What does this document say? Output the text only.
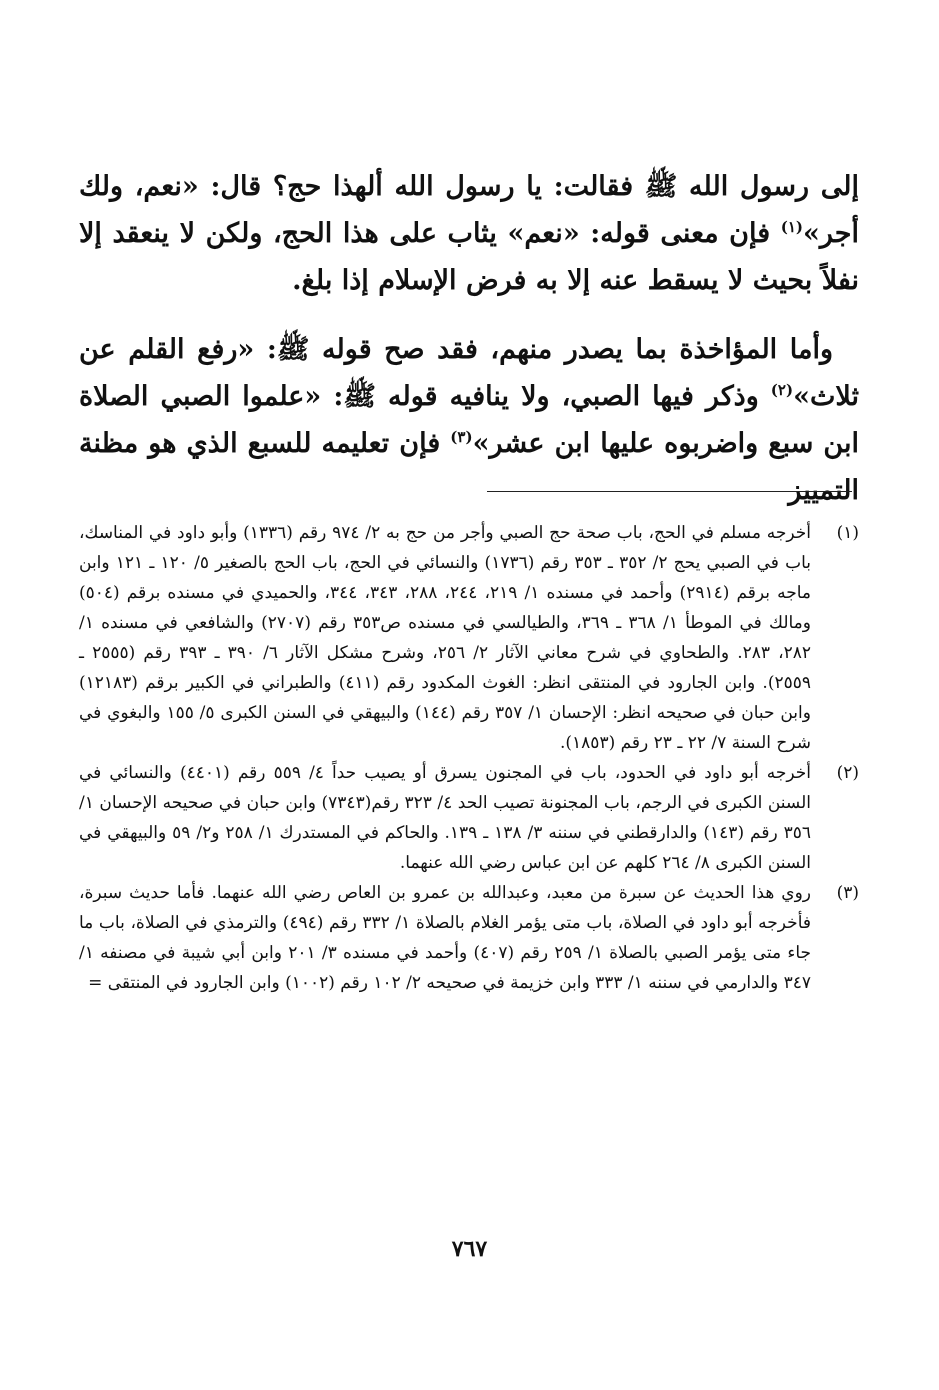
إلى رسول الله ﷺ فقالت: يا رسول الله ألهذا حج؟ قال: «نعم، ولك أجر»$^{(١)}$ فإن معنى قوله: «نعم» يثاب على هذا الحج، ولكن لا ينعقد إلا نفلاً بحيث لا يسقط عنه إلا به فرض الإسلام إذا بلغ.

وأما المؤاخذة بما يصدر منهم، فقد صح قوله ﷺ: «رفع القلم عن ثلاث»$^{(٢)}$ وذكر فيها الصبي، ولا ينافيه قوله ﷺ: «علموا الصبي الصلاة ابن سبع واضربوه عليها ابن عشر»$^{(٣)}$ فإن تعليمه للسبع الذي هو مظنة التمييز

( ١ )
أخرجه مسلم في الحج، باب صحة حج الصبي وأجر من حج به ٢/ ٩٧٤ رقم (١٣٣٦) وأبو داود في المناسك، باب في الصبي يحج ٢/ ٣٥٢ ـ ٣٥٣ رقم (١٧٣٦) والنسائي في الحج، باب الحج بالصغير ٥/ ١٢٠ ـ ١٢١ وابن ماجه برقم (٢٩١٤) وأحمد في مسنده ١/ ٢١٩، ٢٤٤، ٢٨٨، ٣٤٣، ٣٤٤، والحميدي في مسنده برقم (٥٠٤) ومالك في الموطأ ١/ ٣٦٨ ـ ٣٦٩، والطيالسي في مسنده ص٣٥٣ رقم (٢٧٠٧) والشافعي في مسنده ١/ ٢٨٢، ٢٨٣. والطحاوي في شرح معاني الآثار ٢/ ٢٥٦، وشرح مشكل الآثار ٦/ ٣٩٠ ـ ٣٩٣ رقم (٢٥٥٥ ـ ٢٥٥٩). وابن الجارود في المنتقى انظر: الغوث المكدود رقم (٤١١) والطبراني في الكبير برقم (١٢١٨٣) وابن حبان في صحيحه انظر: الإحسان ١/ ٣٥٧ رقم (١٤٤) والبيهقي في السنن الكبرى ٥/ ١٥٥ والبغوي في شرح السنة ٧/ ٢٢ ـ ٢٣ رقم (١٨٥٣).
( ٢ )
أخرجه أبو داود في الحدود، باب في المجنون يسرق أو يصيب حداً ٤/ ٥٥٩ رقم (٤٤٠١) والنسائي في السنن الكبرى في الرجم، باب المجنونة تصيب الحد ٤/ ٣٢٣ رقم(٧٣٤٣) وابن حبان في صحيحه الإحسان ١/ ٣٥٦ رقم (١٤٣) والدارقطني في سننه ٣/ ١٣٨ ـ ١٣٩. والحاكم في المستدرك ١/ ٢٥٨ و٢/ ٥٩ والبيهقي في السنن الكبرى ٨/ ٢٦٤ كلهم عن ابن عباس رضي الله عنهما.
( ٣ )
روي هذا الحديث عن سبرة من معبد، وعبدالله بن عمرو بن العاص رضي الله عنهما. فأما حديث سبرة، فأخرجه أبو داود في الصلاة، باب متى يؤمر الغلام بالصلاة ١/ ٣٣٢ رقم (٤٩٤) والترمذي في الصلاة، باب ما جاء متى يؤمر الصبي بالصلاة ١/ ٢٥٩ رقم (٤٠٧) وأحمد في مسنده ٣/ ٢٠١ وابن أبي شيبة في مصنفه ١/ ٣٤٧ والدارمي في سننه ١/ ٣٣٣ وابن خزيمة في صحيحه ٢/ ١٠٢ رقم (١٠٠٢) وابن الجارود في المنتقى =
٧٦٧
